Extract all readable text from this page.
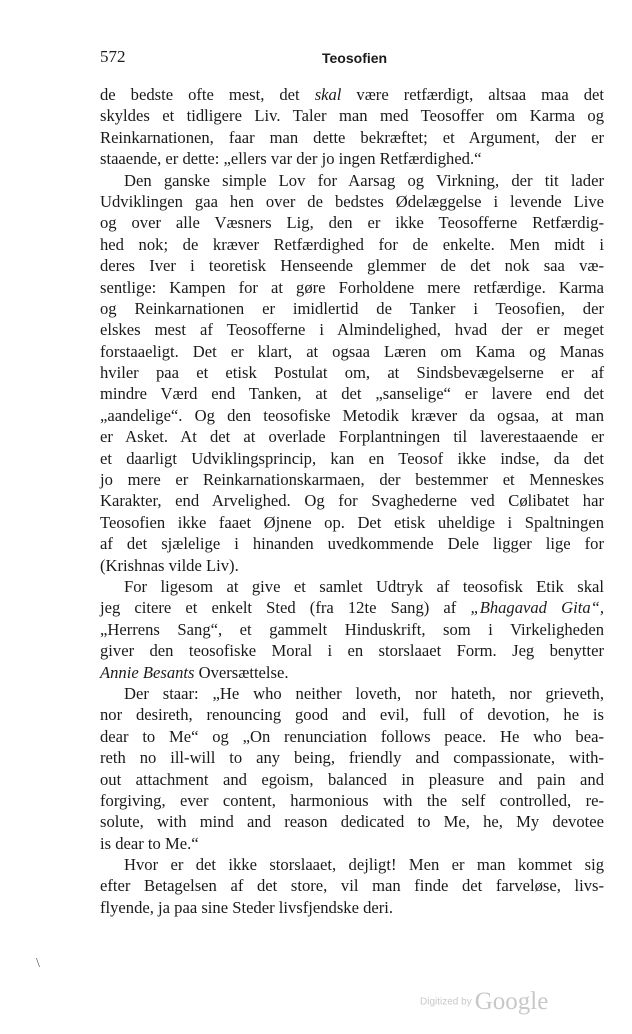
572	Teosofien
de bedste ofte mest, det skal være retfærdigt, altsaa maa det
skyldes et tidligere Liv. Taler man med Teosoffer om Karma og
Reinkarnationen, faar man dette bekræftet; et Argument, der er
staaende, er dette: „ellers var der jo ingen Retfærdighed.“
Den ganske simple Lov for Aarsag og Virkning, der tit lader
Udviklingen gaa hen over de bedstes Ødelæggelse i levende Live
og over alle Væsners Lig, den er ikke Teosofferne Retfærdig-
hed nok; de kræver Retfærdighed for de enkelte. Men midt i
deres Iver i teoretisk Henseende glemmer de det nok saa væ-
sentlige: Kampen for at gøre Forholdene mere retfærdige. Karma
og Reinkarnationen er imidlertid de Tanker i Teosofien, der
elskes mest af Teosofferne i Almindelighed, hvad der er meget
forstaaeligt. Det er klart, at ogsaa Læren om Kama og Manas
hviler paa et etisk Postulat om, at Sindsbevægelserne er af
mindre Værd end Tanken, at det „sanselige“ er lavere end det
„aandelige“. Og den teosofiske Metodik kræver da ogsaa, at man
er Asket. At det at overlade Forplantningen til laverestaaende er
et daarligt Udviklingsprincip, kan en Teosof ikke indse, da det
jo mere er Reinkarnationskarmaen, der bestemmer et Menneskes
Karakter, end Arvelighed. Og for Svaghederne ved Cølibatet har
Teosofien ikke faaet Øjnene op. Det etisk uheldige i Spaltningen
af det sjælelige i hinanden uvedkommende Dele ligger lige for
(Krishnas vilde Liv).
For ligesom at give et samlet Udtryk af teosofisk Etik skal
jeg citere et enkelt Sted (fra 12te Sang) af „Bhagavad Gita“,
„Herrens Sang“, et gammelt Hinduskrift, som i Virkeligheden
giver den teosofiske Moral i en storslaaet Form. Jeg benytter
Annie Besants Oversættelse.
Der staar: „He who neither loveth, nor hateth, nor grieveth,
nor desireth, renouncing good and evil, full of devotion, he is
dear to Me“ og „On renunciation follows peace. He who bea-
reth no ill-will to any being, friendly and compassionate, with-
out attachment and egoism, balanced in pleasure and pain and
forgiving, ever content, harmonious with the self controlled, re-
solute, with mind and reason dedicated to Me, he, My devotee
is dear to Me.“
Hvor er det ikke storslaaet, dejligt! Men er man kommet sig
efter Betagelsen af det store, vil man finde det farveløse, livs-
flyende, ja paa sine Steder livsfjendske deri.
\
Digitized by Google
